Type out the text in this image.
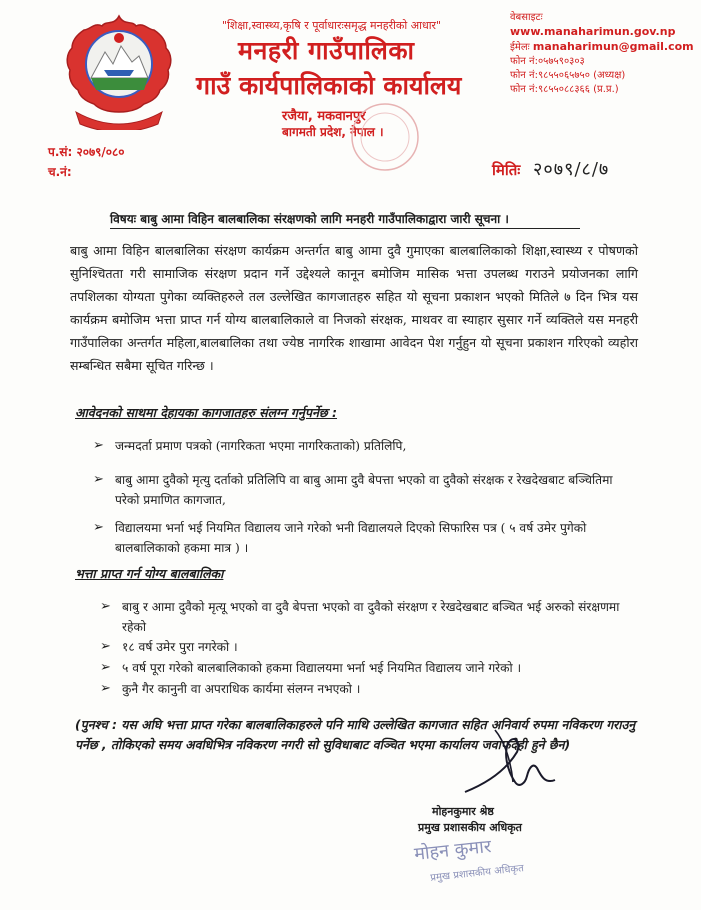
"शिक्षा,स्वास्थ्य,कृषि र पूर्वाधारःसमृद्ध मनहरीको आधार"
मनहरी गाउँपालिका
गाउँ कार्यपालिकाको कार्यालय
रजैया, मकवानपुर
बागमती प्रदेश, नेपाल ।
वेबसाइटः www.manaharimun.gov.np
ईमेलः manaharimun@gmail.com
फोन नं:०५७५९०३०३
फोन नं:९८५५०६५७५० (अध्यक्ष)
फोन नं:९८५५०८८३६६ (प्र.प्र.)
प.सं: २०७९/०८०
च.नं:	मितिः २०७९/८/७
विषयः बाबु आमा विहिन बालबालिका संरक्षणको लागि मनहरी गाउँपालिकाद्वारा जारी सूचना ।
बाबु आमा विहिन बालबालिका संरक्षण कार्यक्रम अन्तर्गत बाबु आमा दुवै गुमाएका बालबालिकाको शिक्षा,स्वास्थ्य र पोषणको सुनिश्चितता गरी सामाजिक संरक्षण प्रदान गर्ने उद्देश्यले कानून बमोजिम मासिक भत्ता उपलब्ध गराउने प्रयोजनका लागि तपशिलका योग्यता पुगेका व्यक्तिहरुले तल उल्लेखित कागजातहरु सहित यो सूचना प्रकाशन भएको मितिले ७ दिन भित्र यस कार्यक्रम बमोजिम भत्ता प्राप्त गर्न योग्य बालबालिकाले वा निजको संरक्षक, माथवर वा स्याहार सुसार गर्ने व्यक्तिले यस मनहरी गाउँपालिका अन्तर्गत महिला,बालबालिका तथा ज्येष्ठ नागरिक शाखामा आवेदन पेश गर्नुहुन यो सूचना प्रकाशन गरिएको व्यहोरा सम्बन्धित सबैमा सूचित गरिन्छ ।
आवेदनको साथमा देहायका कागजातहरु संलग्न गर्नुपर्नेछ :
➢ जन्मदर्ता प्रमाण पत्रको (नागरिकता भएमा नागरिकताको) प्रतिलिपि,
➢ बाबु आमा दुवैको मृत्यु दर्ताको प्रतिलिपि वा बाबु आमा दुवै बेपत्ता भएको वा दुवैको संरक्षक र रेखदेखबाट बञ्चितिमा परेको प्रमाणित कागजात,
➢ विद्यालयमा भर्ना भई नियमित विद्यालय जाने गरेको भनी विद्यालयले दिएको सिफारिस पत्र ( ५ वर्ष उमेर पुगेको बालबालिकाको हकमा मात्र ) ।
भत्ता प्राप्त गर्न योग्य बालबालिका
➢ बाबु र आमा दुवैको मृत्यू भएको वा दुवै बेपत्ता भएको वा दुवैको संरक्षण र रेखदेखबाट बञ्चित भई अरुको संरक्षणमा रहेको
➢ १८ वर्ष उमेर पुरा नगरेको ।
➢ ५ वर्ष पूरा गरेको बालबालिकाको हकमा विद्यालयमा भर्ना भई नियमित विद्यालय जाने गरेको ।
➢ कुनै गैर कानुनी वा अपराधिक कार्यमा संलग्न नभएको ।
(पुनश्च : यस अघि भत्ता प्राप्त गरेका बालबालिकाहरुले पनि माथि उल्लेखित कागजात सहित अनिवार्य रुपमा नविकरण गराउनु पर्नेछ , तोकिएको समय अवधिभित्र नविकरण नगरी सो सुविधाबाट वञ्चित भएमा कार्यालय जवाफदेही हुने छैन)
मोहनकुमार श्रेष्ठ
प्रमुख प्रशासकीय अधिकृत
मोहन कुमार
प्रमुख प्रशासकीय अधिकृत
